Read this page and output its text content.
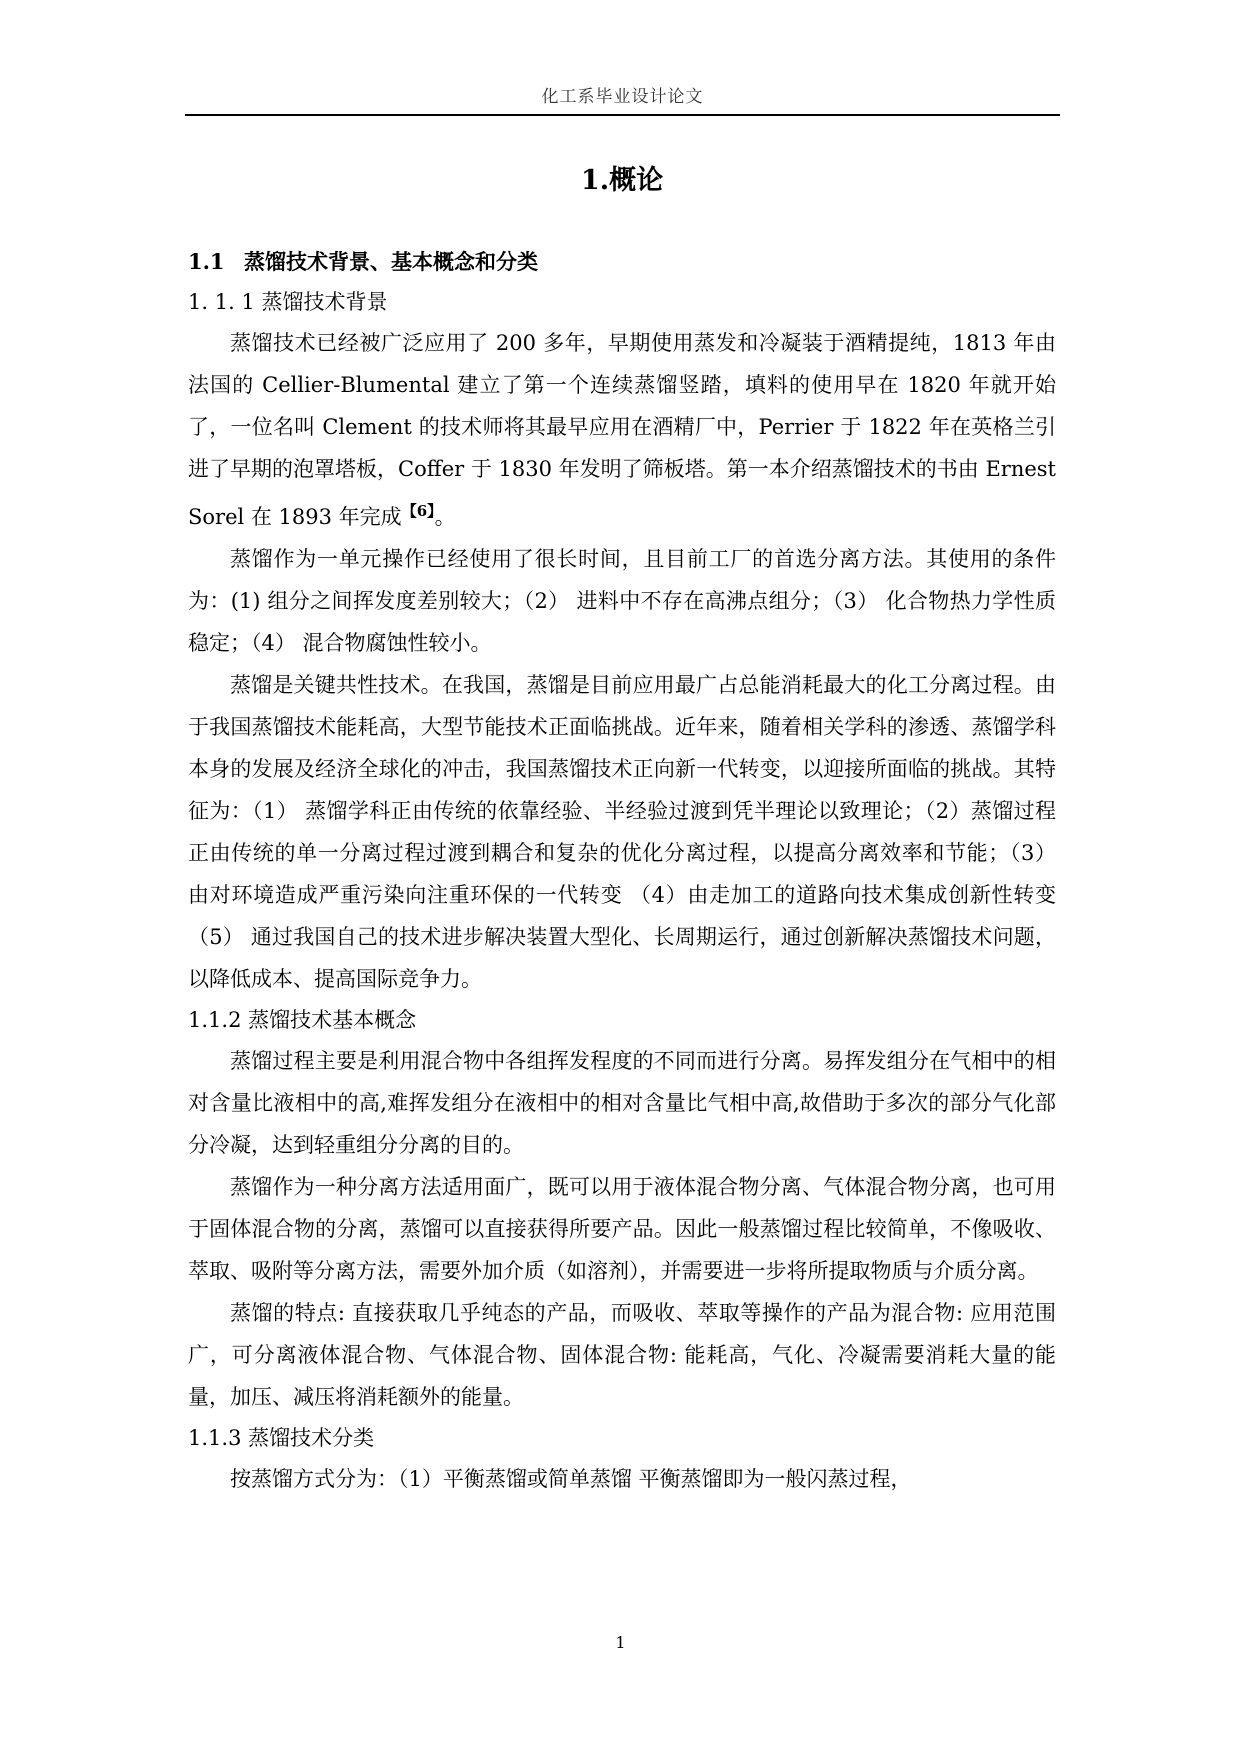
化工系毕业设计论文
1.概论
1.1 蒸馏技术背景、基本概念和分类
1. 1. 1 蒸馏技术背景

蒸馏技术已经被广泛应用了 200 多年，早期使用蒸发和冷凝装于酒精提纯，1813 年由法国的 Cellier-Blumental 建立了第一个连续蒸馏竖踏，填料的使用早在 1820 年就开始了，一位名叫 Clement 的技术师将其最早应用在酒精厂中，Perrier 于 1822 年在英格兰引进了早期的泡罩塔板，Coffer 于 1830 年发明了筛板塔。第一本介绍蒸馏技术的书由 Ernest Sorel 在 1893 年完成$^{【6】}$。

蒸馏作为一单元操作已经使用了很长时间，且目前工厂的首选分离方法。其使用的条件为：(1) 组分之间挥发度差别较大；（2） 进料中不存在高沸点组分；（3） 化合物热力学性质稳定；（4） 混合物腐蚀性较小。

蒸馏是关键共性技术。在我国，蒸馏是目前应用最广占总能消耗最大的化工分离过程。由于我国蒸馏技术能耗高，大型节能技术正面临挑战。近年来，随着相关学科的渗透、蒸馏学科本身的发展及经济全球化的冲击，我国蒸馏技术正向新一代转变，以迎接所面临的挑战。其特征为：（1） 蒸馏学科正由传统的依靠经验、半经验过渡到凭半理论以致理论；（2）蒸馏过程正由传统的单一分离过程过渡到耦合和复杂的优化分离过程，以提高分离效率和节能；（3） 由对环境造成严重污染向注重环保的一代转变 （4）由走加工的道路向技术集成创新性转变 （5） 通过我国自己的技术进步解决装置大型化、长周期运行，通过创新解决蒸馏技术问题，以降低成本、提高国际竞争力。

1.1.2 蒸馏技术基本概念

蒸馏过程主要是利用混合物中各组挥发程度的不同而进行分离。易挥发组分在气相中的相对含量比液相中的高,难挥发组分在液相中的相对含量比气相中高,故借助于多次的部分气化部分冷凝，达到轻重组分分离的目的。

蒸馏作为一种分离方法适用面广，既可以用于液体混合物分离、气体混合物分离，也可用于固体混合物的分离，蒸馏可以直接获得所要产品。因此一般蒸馏过程比较简单，不像吸收、萃取、吸附等分离方法，需要外加介质（如溶剂），并需要进一步将所提取物质与介质分离。

蒸馏的特点: 直接获取几乎纯态的产品，而吸收、萃取等操作的产品为混合物: 应用范围广，可分离液体混合物、气体混合物、固体混合物: 能耗高，气化、冷凝需要消耗大量的能量，加压、减压将消耗额外的能量。

1.1.3 蒸馏技术分类

按蒸馏方式分为：（1）平衡蒸馏或简单蒸馏 平衡蒸馏即为一般闪蒸过程，

1
